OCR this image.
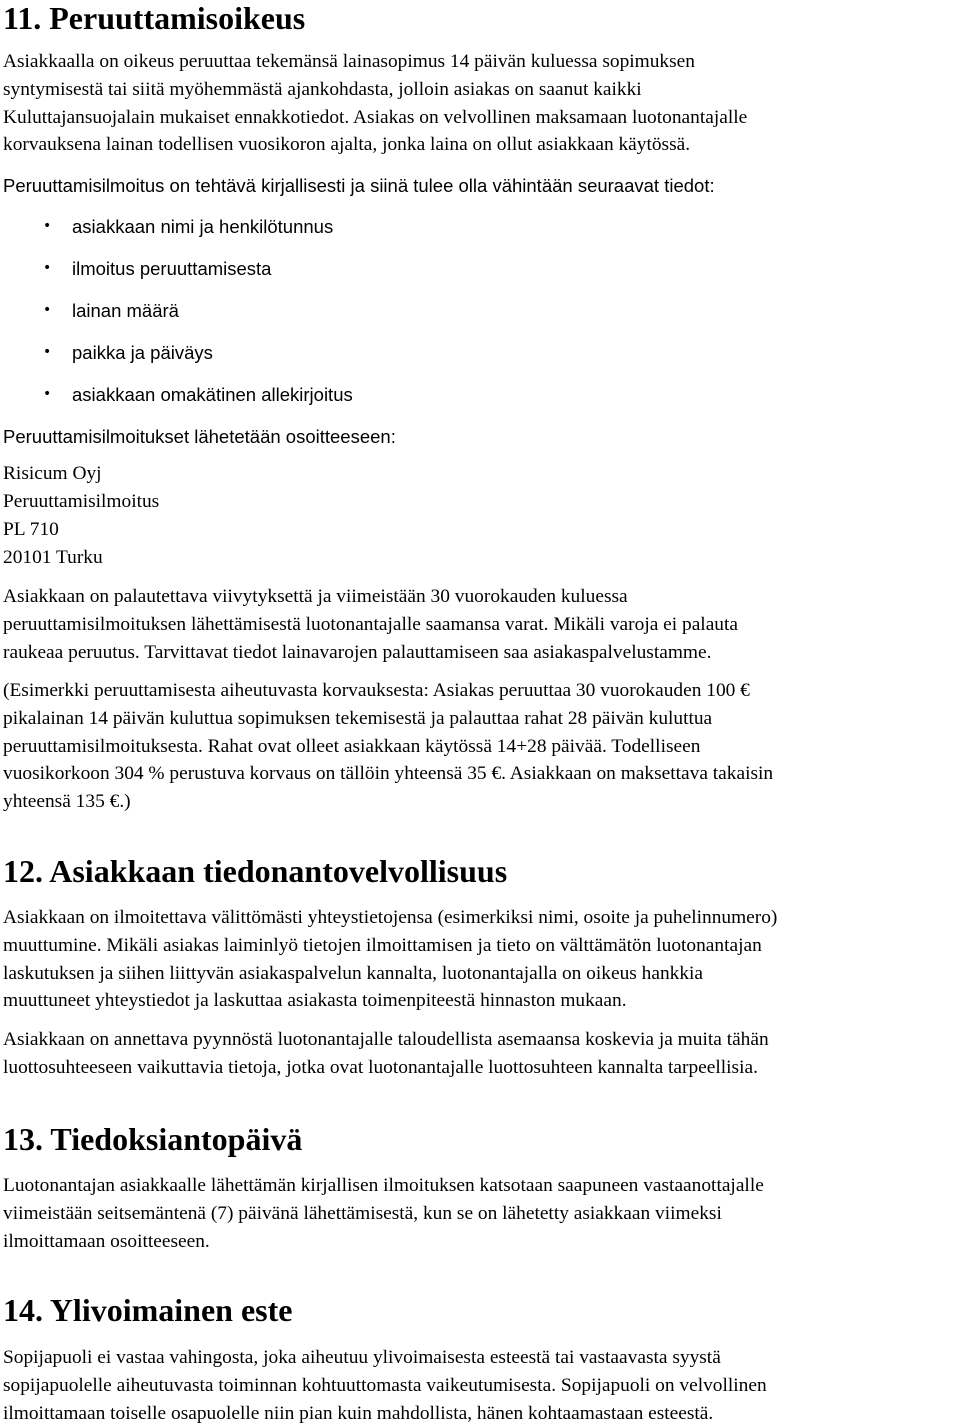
11. Peruuttamisoikeus

Asiakkaalla on oikeus peruuttaa tekemänsä lainasopimus 14 päivän kuluessa sopimuksen
syntymisestä tai siitä myöhemmästä ajankohdasta, jolloin asiakas on saanut kaikki
Kuluttajansuojalain mukaiset ennakkotiedot. Asiakas on velvollinen maksamaan luotonantajalle
korvauksena lainan todellisen vuosikoron ajalta, jonka laina on ollut asiakkaan käytössä.

Peruuttamisilmoitus on tehtävä kirjallisesti ja siinä tulee olla vähintään seuraavat tiedot:

• asiakkaan nimi ja henkilötunnus
• ilmoitus peruuttamisesta
• lainan määrä
• paikka ja päiväys
• asiakkaan omakätinen allekirjoitus

Peruuttamisilmoitukset lähetetään osoitteeseen:

Risicum Oyj

Peruuttamisilmoitus

PL 710

20101 Turku

Asiakkaan on palautettava viivytyksettä ja viimeistään 30 vuorokauden kuluessa
peruuttamisilmoituksen lähettämisestä luotonantajalle saamansa varat. Mikäli varoja ei palauta
raukeaa peruutus. Tarvittavat tiedot lainavarojen palauttamiseen saa asiakaspalvelustamme.

(Esimerkki peruuttamisesta aiheutuvasta korvauksesta: Asiakas peruuttaa 30 vuorokauden 100 €
pikalainan 14 päivän kuluttua sopimuksen tekemisestä ja palauttaa rahat 28 päivän kuluttua
peruuttamisilmoituksesta. Rahat ovat olleet asiakkaan käytössä 14+28 päivää. Todelliseen
vuosikorkoon 304 % perustuva korvaus on tällöin yhteensä 35 €. Asiakkaan on maksettava takaisin
yhteensä 135 €.)

12. Asiakkaan tiedonantovelvollisuus

Asiakkaan on ilmoitettava välittömästi yhteystietojensa (esimerkiksi nimi, osoite ja puhelinnumero)
muuttumine. Mikäli asiakas laiminlyö tietojen ilmoittamisen ja tieto on välttämätön luotonantajan
laskutuksen ja siihen liittyvän asiakaspalvelun kannalta, luotonantajalla on oikeus hankkia
muuttuneet yhteystiedot ja laskuttaa asiakasta toimenpiteestä hinnaston mukaan.

Asiakkaan on annettava pyynnöstä luotonantajalle taloudellista asemaansa koskevia ja muita tähän
luottosuhteeseen vaikuttavia tietoja, jotka ovat luotonantajalle luottosuhteen kannalta tarpeellisia.

13. Tiedoksiantopäivä

Luotonantajan asiakkaalle lähettämän kirjallisen ilmoituksen katsotaan saapuneen vastaanottajalle
viimeistään seitsemäntenä (7) päivänä lähettämisestä, kun se on lähetetty asiakkaan viimeksi
ilmoittamaan osoitteeseen.

14. Ylivoimainen este

Sopijapuoli ei vastaa vahingosta, joka aiheutuu ylivoimaisesta esteestä tai vastaavasta syystä
sopijapuolelle aiheutuvasta toiminnan kohtuuttomasta vaikeutumisesta. Sopijapuoli on velvollinen
ilmoittamaan toiselle osapuolelle niin pian kuin mahdollista, hänen kohtaamastaan esteestä.
